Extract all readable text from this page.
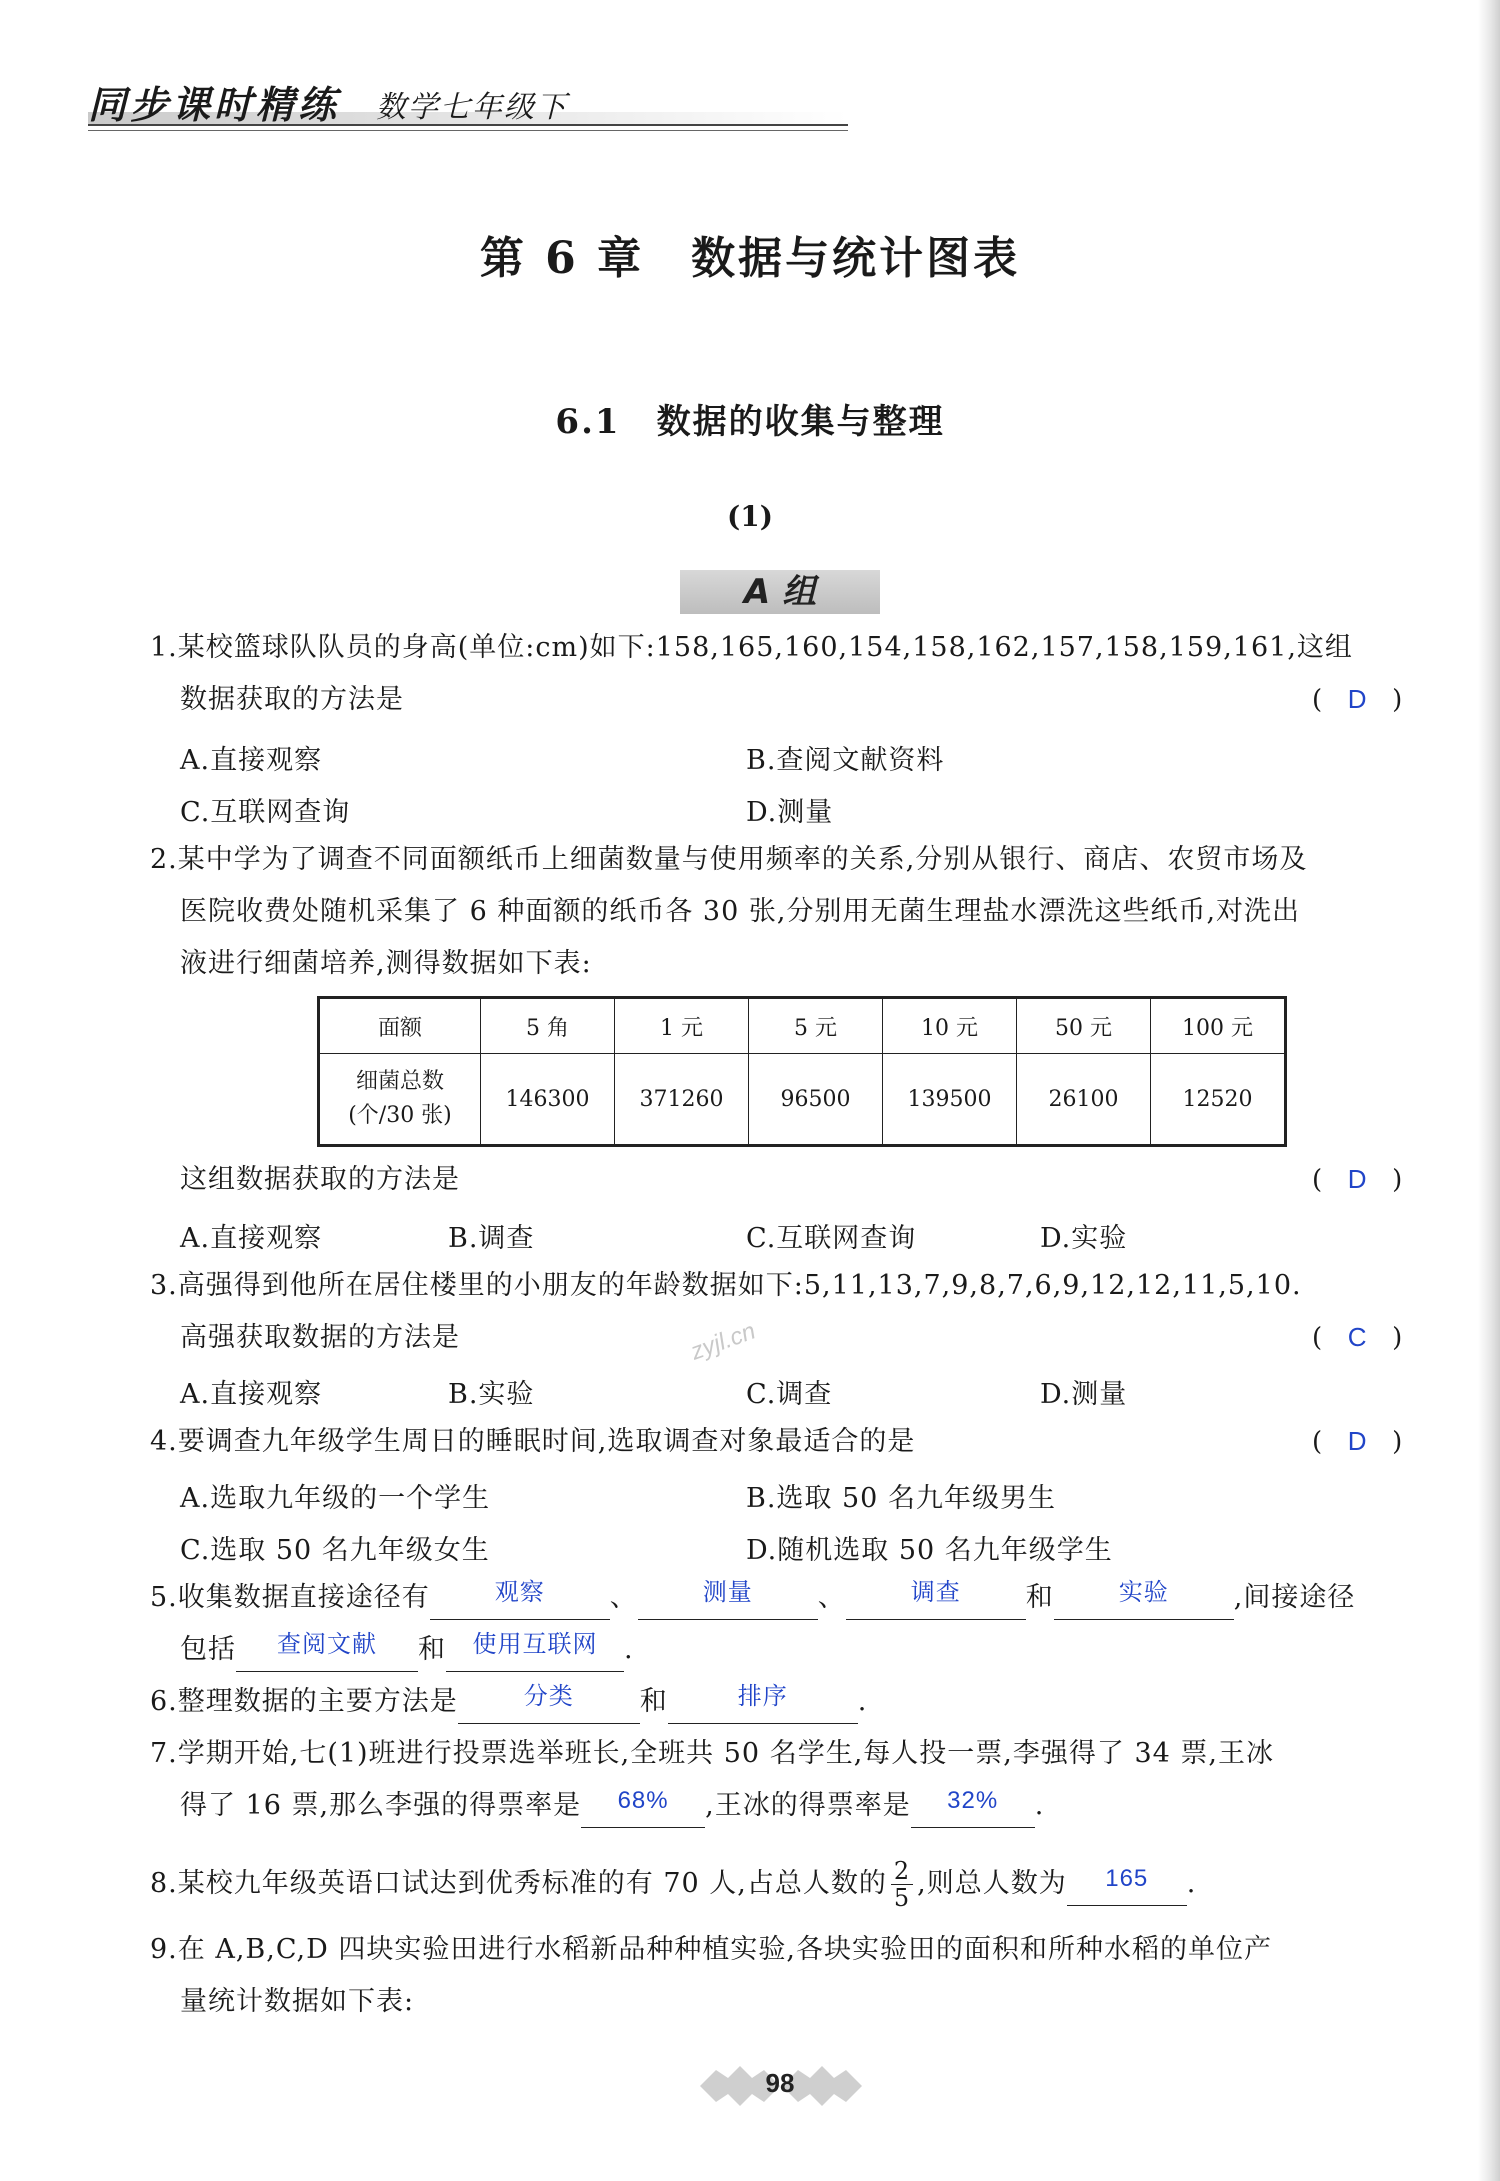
同步课时精练 数学七年级下
第 6 章　数据与统计图表
6.1　数据的收集与整理
(1)
A 组
1.某校篮球队队员的身高(单位:cm)如下:158,165,160,154,158,162,157,158,159,161,这组
数据获取的方法是	( D )
A.直接观察	B.查阅文献资料
C.互联网查询	D.测量
2.某中学为了调查不同面额纸币上细菌数量与使用频率的关系,分别从银行、商店、农贸市场及
医院收费处随机采集了 6 种面额的纸币各 30 张,分别用无菌生理盐水漂洗这些纸币,对洗出
液进行细菌培养,测得数据如下表:
面额	5 角	1 元	5 元	10 元	50 元	100 元

细菌总数
(个/30 张)	146300	371260	96500	139500	26100	12520
这组数据获取的方法是	( D )
A.直接观察	B.调查	C.互联网查询	D.实验
3.高强得到他所在居住楼里的小朋友的年龄数据如下:5,11,13,7,9,8,7,6,9,12,12,11,5,10.
高强获取数据的方法是	( C )
zyjl.cn
A.直接观察	B.实验	C.调查	D.测量
4.要调查九年级学生周日的睡眠时间,选取调查对象最适合的是	( D )
A.选取九年级的一个学生	B.选取 50 名九年级男生
C.选取 50 名九年级女生	D.随机选取 50 名九年级学生
5.收集数据直接途径有	观察 、	测量 、	调查 和	实验 ,间接途径
包括 查阅文献 和 使用互联网 .
6.整理数据的主要方法是	分类 和	排序	.
7.学期开始,七(1)班进行投票选举班长,全班共 50 名学生,每人投一票,李强得了 34 票,王冰
得了 16 票,那么李强的得票率是 68% ,王冰的得票率是 32% .
8.某校九年级英语口试达到优秀标准的有 70 人,占总人数的 $\frac{2}{5}$ ,则总人数为 165 .
9.在 A,B,C,D 四块实验田进行水稻新品种种植实验,各块实验田的面积和所种水稻的单位产
量统计数据如下表:
98
